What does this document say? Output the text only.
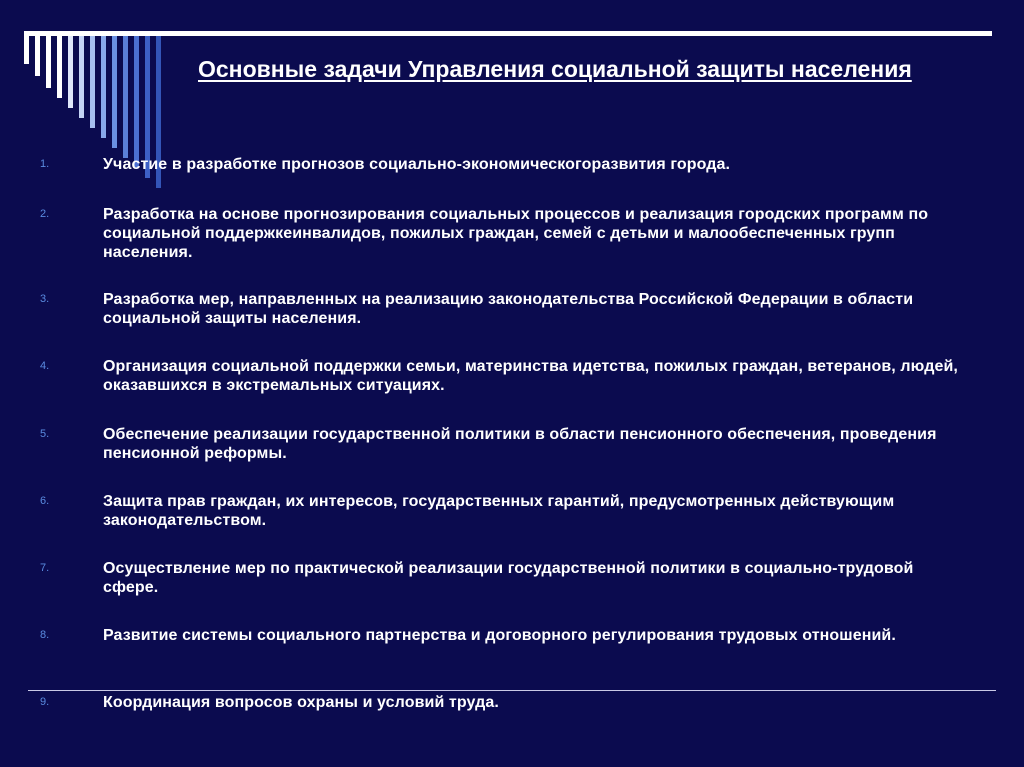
Основные задачи Управления социальной защиты населения
1.	Участие в разработке прогнозов социально-экономическогоразвития города.
2.	Разработка на основе прогнозирования социальных процессов и реализация городских программ по социальной поддержкеинвалидов, пожилых граждан, семей с детьми и малообеспеченных групп населения.
3.	Разработка мер, направленных на реализацию законодательства Российской Федерации в области социальной защиты населения.
4.	Организация социальной поддержки семьи, материнства идетства, пожилых граждан, ветеранов, людей, оказавшихся в экстремальных ситуациях.
5.	Обеспечение реализации государственной политики в области пенсионного обеспечения, проведения пенсионной реформы.
6.	Защита прав граждан, их интересов, государственных гарантий, предусмотренных действующим законодательством.
7.	Осуществление мер по практической реализации государственной политики в социально-трудовой сфере.
8.	Развитие системы социального партнерства и договорного регулирования трудовых отношений.
9.	Координация вопросов охраны и условий труда.
